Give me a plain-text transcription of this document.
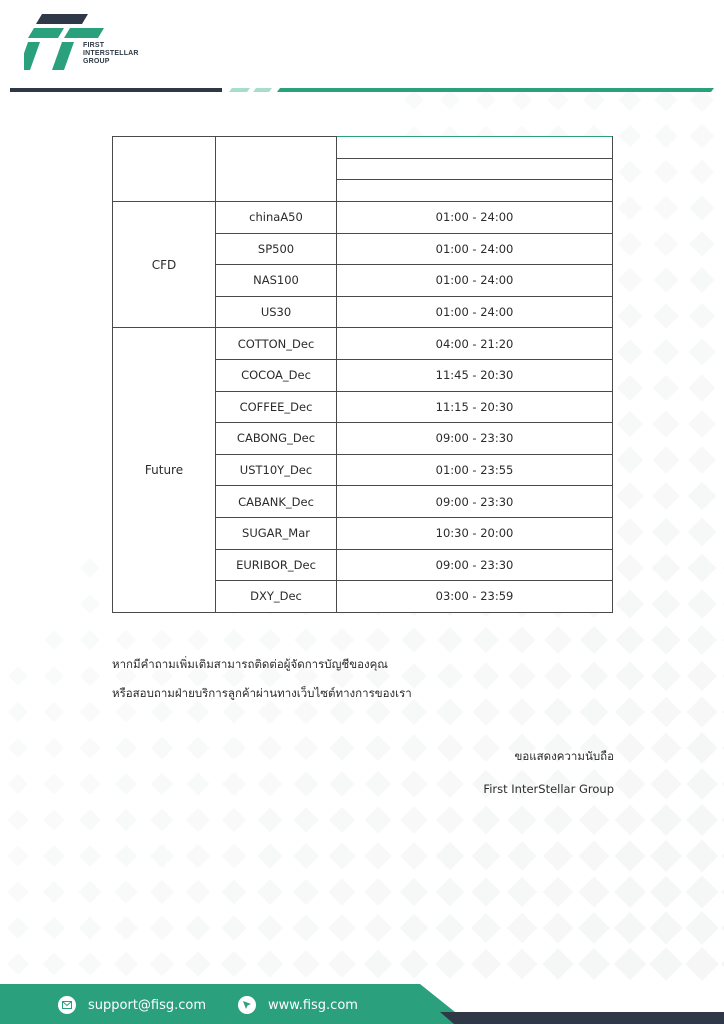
FIRST
INTERSTELLAR
GROUP
ผลิตภัณฑ์	สัญลักษณ์	เวลาตามแพลตฟอร์ม MT4/MT5 (GMT+2)
		02 พ.ย.
		อาทิตย์
CFD	chinaA50	01:00 - 24:00
	SP500	01:00 - 24:00
	NAS100	01:00 - 24:00
	US30	01:00 - 24:00
Future	COTTON_Dec	04:00 - 21:20
	COCOA_Dec	11:45 - 20:30
	COFFEE_Dec	11:15 - 20:30
	CABONG_Dec	09:00 - 23:30
	UST10Y_Dec	01:00 - 23:55
	CABANK_Dec	09:00 - 23:30
	SUGAR_Mar	10:30 - 20:00
	EURIBOR_Dec	09:00 - 23:30
	DXY_Dec	03:00 - 23:59
หากมีคำถามเพิ่มเติมสามารถติดต่อผู้จัดการบัญชีของคุณ
หรือสอบถามฝ่ายบริการลูกค้าผ่านทางเว็บไซต์ทางการของเรา
ขอแสดงความนับถือ
First InterStellar Group
support@fisg.com	www.fisg.com
